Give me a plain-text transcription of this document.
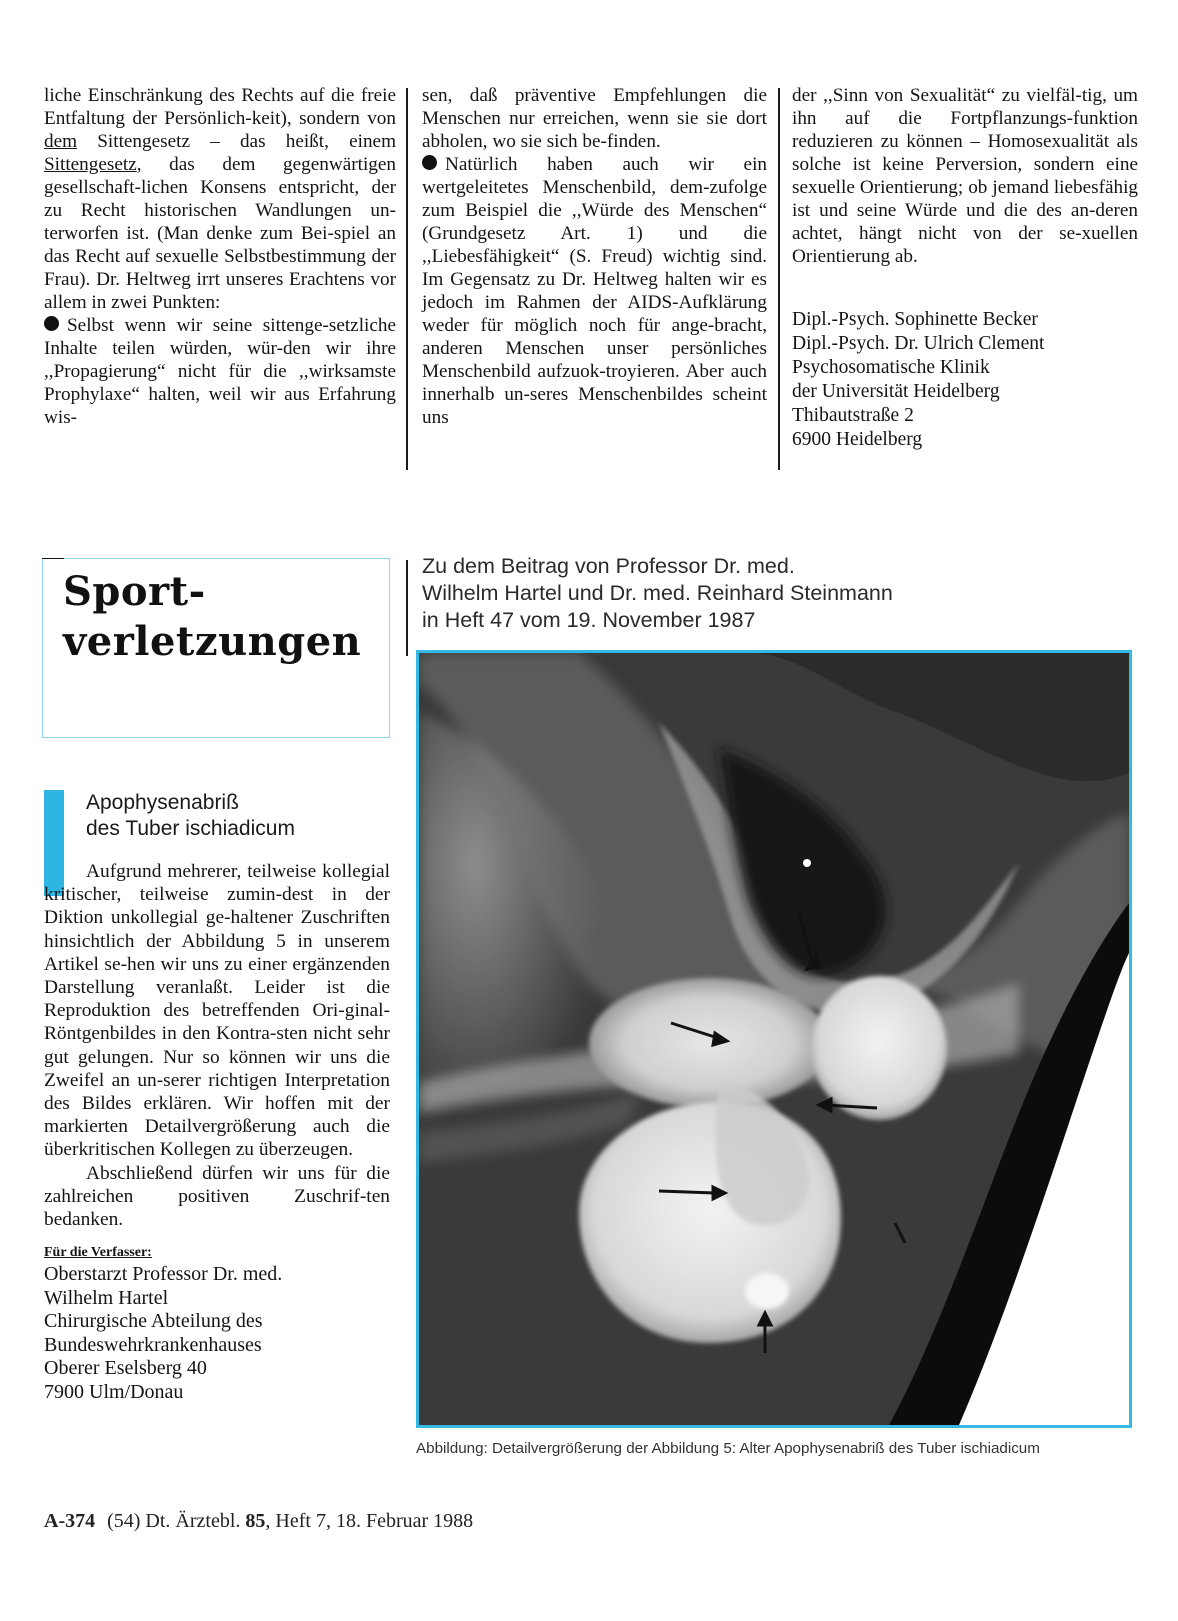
liche Einschränkung des Rechts auf die freie Entfaltung der Persönlich-keit), sondern von dem Sittengesetz – das heißt, einem Sittengesetz, das dem gegenwärtigen gesellschaft-lichen Konsens entspricht, der zu Recht historischen Wandlungen un-terworfen ist. (Man denke zum Bei-spiel an das Recht auf sexuelle Selbstbestimmung der Frau). Dr. Heltweg irrt unseres Erachtens vor allem in zwei Punkten:

Selbst wenn wir seine sittenge-setzliche Inhalte teilen würden, wür-den wir ihre ,,Propagierung“ nicht für die ,,wirksamste Prophylaxe“ halten, weil wir aus Erfahrung wis-

sen, daß präventive Empfehlungen die Menschen nur erreichen, wenn sie sie dort abholen, wo sie sich be-finden.

Natürlich haben auch wir ein wertgeleitetes Menschenbild, dem-zufolge zum Beispiel die ,,Würde des Menschen“ (Grundgesetz Art. 1) und die ,,Liebesfähigkeit“ (S. Freud) wichtig sind. Im Gegensatz zu Dr. Heltweg halten wir es jedoch im Rahmen der AIDS-Aufklärung weder für möglich noch für ange-bracht, anderen Menschen unser persönliches Menschenbild aufzuok-troyieren. Aber auch innerhalb un-seres Menschenbildes scheint uns

der ,,Sinn von Sexualität“ zu vielfäl-tig, um ihn auf die Fortpflanzungs-funktion reduzieren zu können – Homosexualität als solche ist keine Perversion, sondern eine sexuelle Orientierung; ob jemand liebesfähig ist und seine Würde und die des an-deren achtet, hängt nicht von der se-xuellen Orientierung ab.

Dipl.-Psych. Sophinette Becker

Dipl.-Psych. Dr. Ulrich Clement

Psychosomatische Klinik

der Universität Heidelberg

Thibautstraße 2

6900 Heidelberg

Sport-
verletzungen
Apophysenabriß
des Tuber ischiadicum

Aufgrund mehrerer, teilweise kollegial kritischer, teilweise zumin-dest in der Diktion unkollegial ge-haltener Zuschriften hinsichtlich der Abbildung 5 in unserem Artikel se-hen wir uns zu einer ergänzenden Darstellung veranlaßt. Leider ist die Reproduktion des betreffenden Ori-ginal-Röntgenbildes in den Kontra-sten nicht sehr gut gelungen. Nur so können wir uns die Zweifel an un-serer richtigen Interpretation des Bildes erklären. Wir hoffen mit der markierten Detailvergrößerung auch die überkritischen Kollegen zu überzeugen.

Abschließend dürfen wir uns für die zahlreichen positiven Zuschrif-ten bedanken.

Für die Verfasser:

Oberstarzt Professor Dr. med.

Wilhelm Hartel

Chirurgische Abteilung des

Bundeswehrkrankenhauses

Oberer Eselsberg 40

7900 Ulm/Donau

Zu dem Beitrag von Professor Dr. med.
Wilhelm Hartel und Dr. med. Reinhard Steinmann
in Heft 47 vom 19. November 1987
Abbildung: Detailvergrößerung der Abbildung 5: Alter Apophysenabriß des Tuber ischiadicum
A-374 (54) Dt. Ärztebl. 85, Heft 7, 18. Februar 1988
